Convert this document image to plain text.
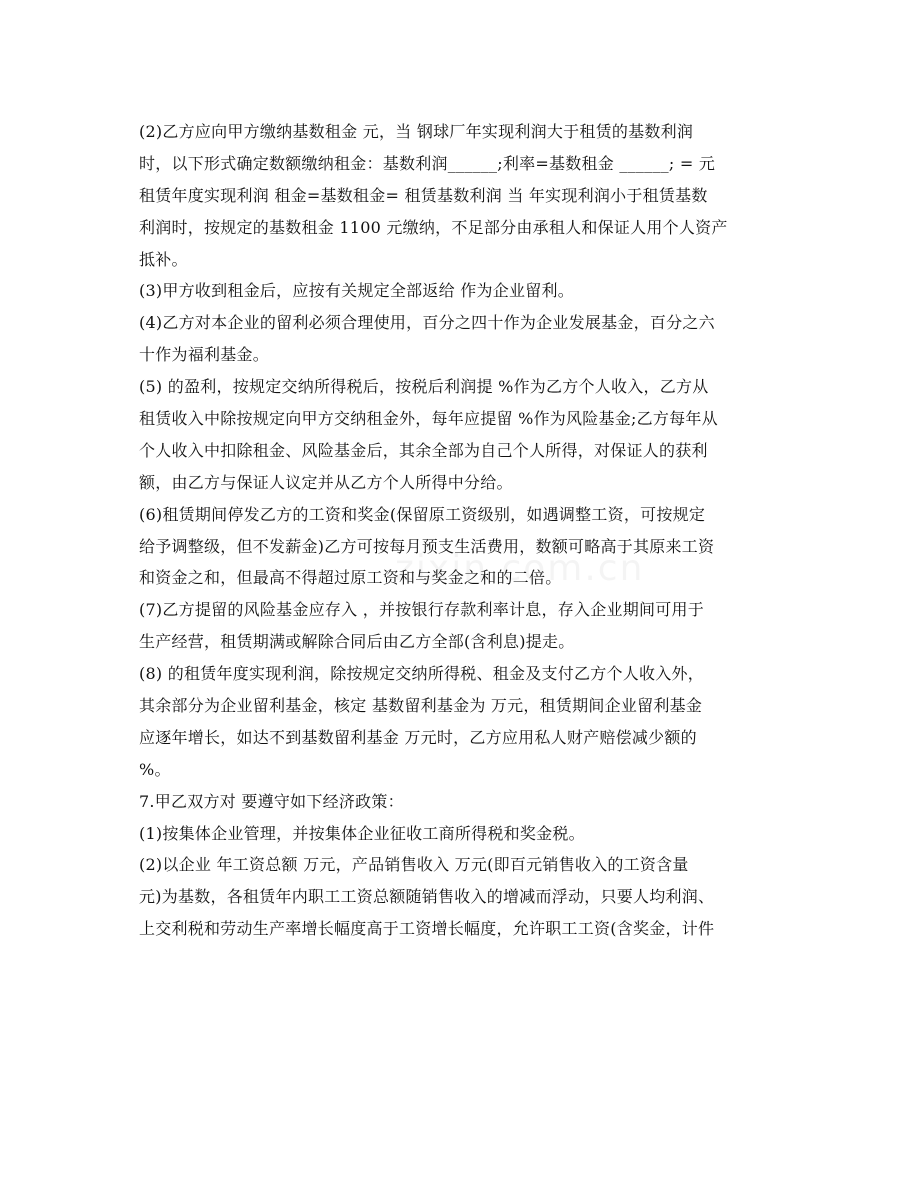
(2)乙方应向甲方缴纳基数租金 元，当 钢球厂年实现利润大于租赁的基数利润
时，以下形式确定数额缴纳租金：基数利润______;利率=基数租金 ______; = 元
租赁年度实现利润 租金=基数租金= 租赁基数利润 当 年实现利润小于租赁基数
利润时，按规定的基数租金 1100 元缴纳，不足部分由承租人和保证人用个人资产
抵补。
(3)甲方收到租金后，应按有关规定全部返给 作为企业留利。
(4)乙方对本企业的留利必须合理使用，百分之四十作为企业发展基金，百分之六
十作为福利基金。
(5) 的盈利，按规定交纳所得税后，按税后利润提 %作为乙方个人收入，乙方从
租赁收入中除按规定向甲方交纳租金外，每年应提留 %作为风险基金;乙方每年从
个人收入中扣除租金、风险基金后，其余全部为自己个人所得，对保证人的获利
额，由乙方与保证人议定并从乙方个人所得中分给。
(6)租赁期间停发乙方的工资和奖金(保留原工资级别，如遇调整工资，可按规定
给予调整级，但不发薪金)乙方可按每月预支生活费用，数额可略高于其原来工资
和资金之和，但最高不得超过原工资和与奖金之和的二倍。
(7)乙方提留的风险基金应存入 ，并按银行存款利率计息，存入企业期间可用于
生产经营，租赁期满或解除合同后由乙方全部(含利息)提走。
(8) 的租赁年度实现利润，除按规定交纳所得税、租金及支付乙方个人收入外，
其余部分为企业留利基金，核定 基数留利基金为 万元，租赁期间企业留利基金
应逐年增长，如达不到基数留利基金 万元时，乙方应用私人财产赔偿减少额的
%。
7.甲乙双方对 要遵守如下经济政策：
(1)按集体企业管理，并按集体企业征收工商所得税和奖金税。
(2)以企业 年工资总额 万元，产品销售收入 万元(即百元销售收入的工资含量
元)为基数，各租赁年内职工工资总额随销售收入的增减而浮动，只要人均利润、
上交利税和劳动生产率增长幅度高于工资增长幅度，允许职工工资(含奖金，计件
